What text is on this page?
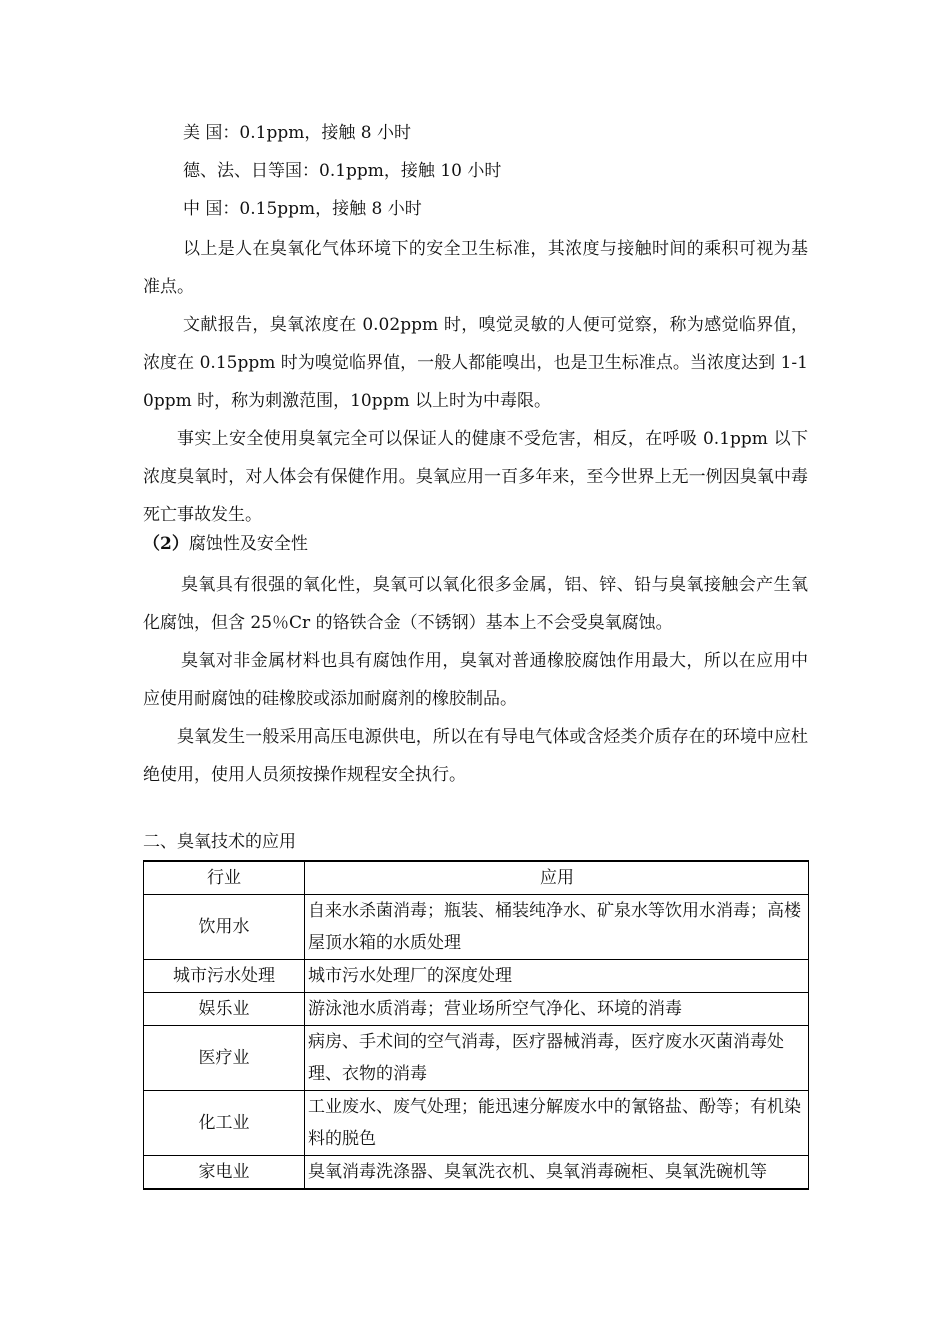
美 国：0.1ppm，接触 8 小时
德、法、日等国：0.1ppm，接触 10 小时
中 国：0.15ppm，接触 8 小时
以上是人在臭氧化气体环境下的安全卫生标准，其浓度与接触时间的乘积可视为基准点。
文献报告，臭氧浓度在 0.02ppm 时，嗅觉灵敏的人便可觉察，称为感觉临界值，浓度在 0.15ppm 时为嗅觉临界值，一般人都能嗅出，也是卫生标准点。当浓度达到 1-10ppm 时，称为刺激范围，10ppm 以上时为中毒限。
事实上安全使用臭氧完全可以保证人的健康不受危害，相反，在呼吸 0.1ppm 以下浓度臭氧时，对人体会有保健作用。臭氧应用一百多年来，至今世界上无一例因臭氧中毒死亡事故发生。
（2）腐蚀性及安全性
臭氧具有很强的氧化性，臭氧可以氧化很多金属，铝、锌、铅与臭氧接触会产生氧化腐蚀，但含 25％Cr 的铬铁合金（不锈钢）基本上不会受臭氧腐蚀。
臭氧对非金属材料也具有腐蚀作用，臭氧对普通橡胶腐蚀作用最大，所以在应用中应使用耐腐蚀的硅橡胶或添加耐腐剂的橡胶制品。
臭氧发生一般采用高压电源供电，所以在有导电气体或含烃类介质存在的环境中应杜绝使用，使用人员须按操作规程安全执行。
二、臭氧技术的应用
行业	应用
饮用水	自来水杀菌消毒；瓶装、桶装纯净水、矿泉水等饮用水消毒；高楼屋顶水箱的水质处理
城市污水处理	城市污水处理厂的深度处理
娱乐业	游泳池水质消毒；营业场所空气净化、环境的消毒
医疗业	病房、手术间的空气消毒，医疗器械消毒，医疗废水灭菌消毒处理、衣物的消毒
化工业	工业废水、废气处理；能迅速分解废水中的氰铬盐、酚等；有机染料的脱色
家电业	臭氧消毒洗涤器、臭氧洗衣机、臭氧消毒碗柜、臭氧洗碗机等
